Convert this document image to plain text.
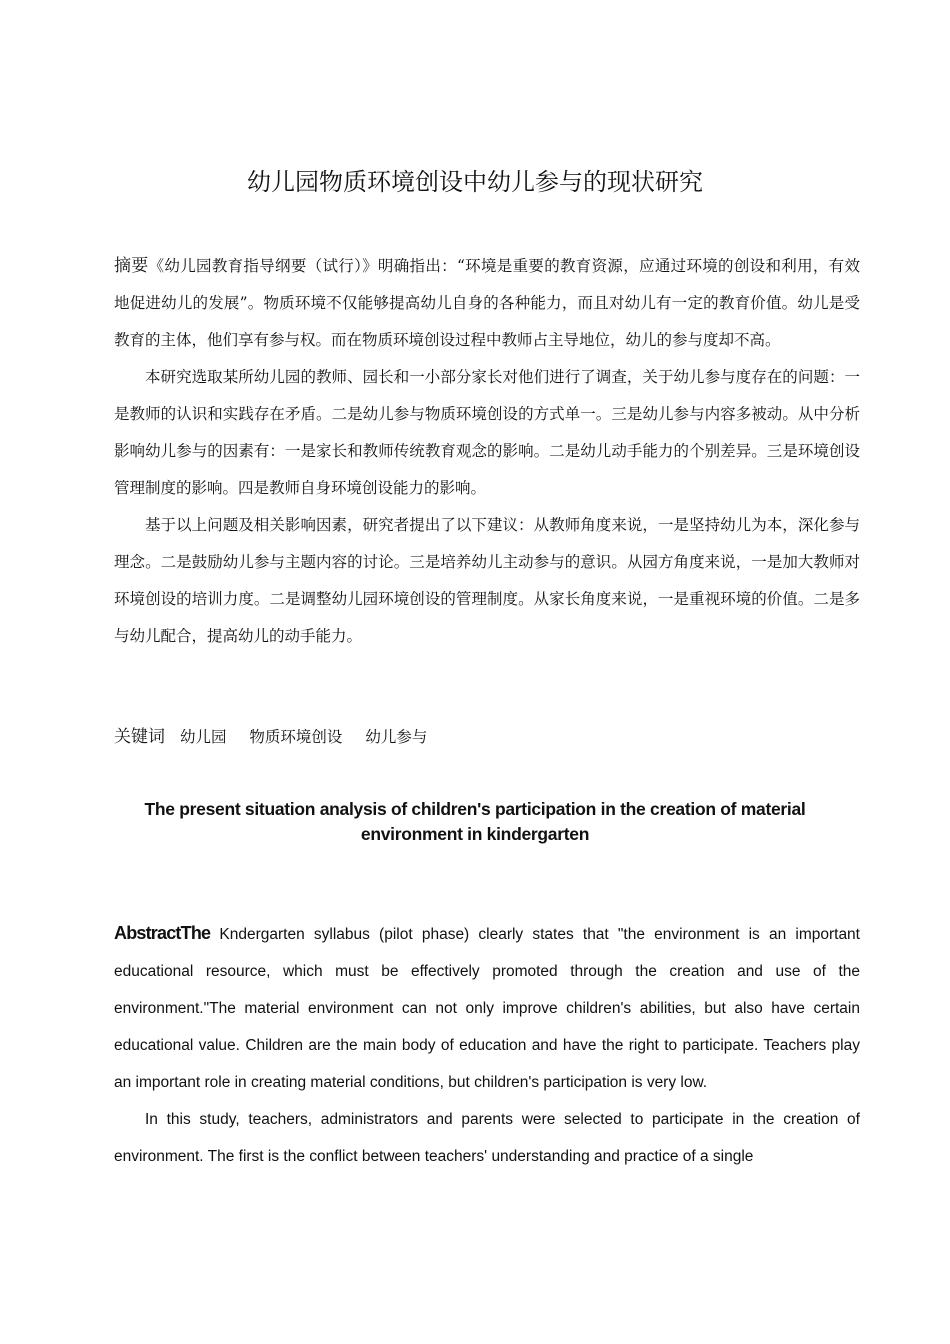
幼儿园物质环境创设中幼儿参与的现状研究

摘要《幼儿园教育指导纲要（试行）》明确指出：“环境是重要的教育资源，应通过环境的创设和利用，有效地促进幼儿的发展”。物质环境不仅能够提高幼儿自身的各种能力，而且对幼儿有一定的教育价值。幼儿是受教育的主体，他们享有参与权。而在物质环境创设过程中教师占主导地位，幼儿的参与度却不高。

本研究选取某所幼儿园的教师、园长和一小部分家长对他们进行了调查，关于幼儿参与度存在的问题：一是教师的认识和实践存在矛盾。二是幼儿参与物质环境创设的方式单一。三是幼儿参与内容多被动。从中分析影响幼儿参与的因素有：一是家长和教师传统教育观念的影响。二是幼儿动手能力的个别差异。三是环境创设管理制度的影响。四是教师自身环境创设能力的影响。

基于以上问题及相关影响因素，研究者提出了以下建议：从教师角度来说，一是坚持幼儿为本，深化参与理念。二是鼓励幼儿参与主题内容的讨论。三是培养幼儿主动参与的意识。从园方角度来说，一是加大教师对环境创设的培训力度。二是调整幼儿园环境创设的管理制度。从家长角度来说，一是重视环境的价值。二是多与幼儿配合，提高幼儿的动手能力。

关键词 幼儿园 物质环境创设 幼儿参与
The present situation analysis of children's participation in the creation of material environment in kindergarten

AbstractThe Kndergarten syllabus (pilot phase) clearly states that "the environment is an important educational resource, which must be effectively promoted through the creation and use of the environment."The material environment can not only improve children's abilities, but also have certain educational value. Children are the main body of education and have the right to participate. Teachers play an important role in creating material conditions, but children's participation is very low.

In this study, teachers, administrators and parents were selected to participate in the creation of environment. The first is the conflict between teachers' understanding and practice of a single
